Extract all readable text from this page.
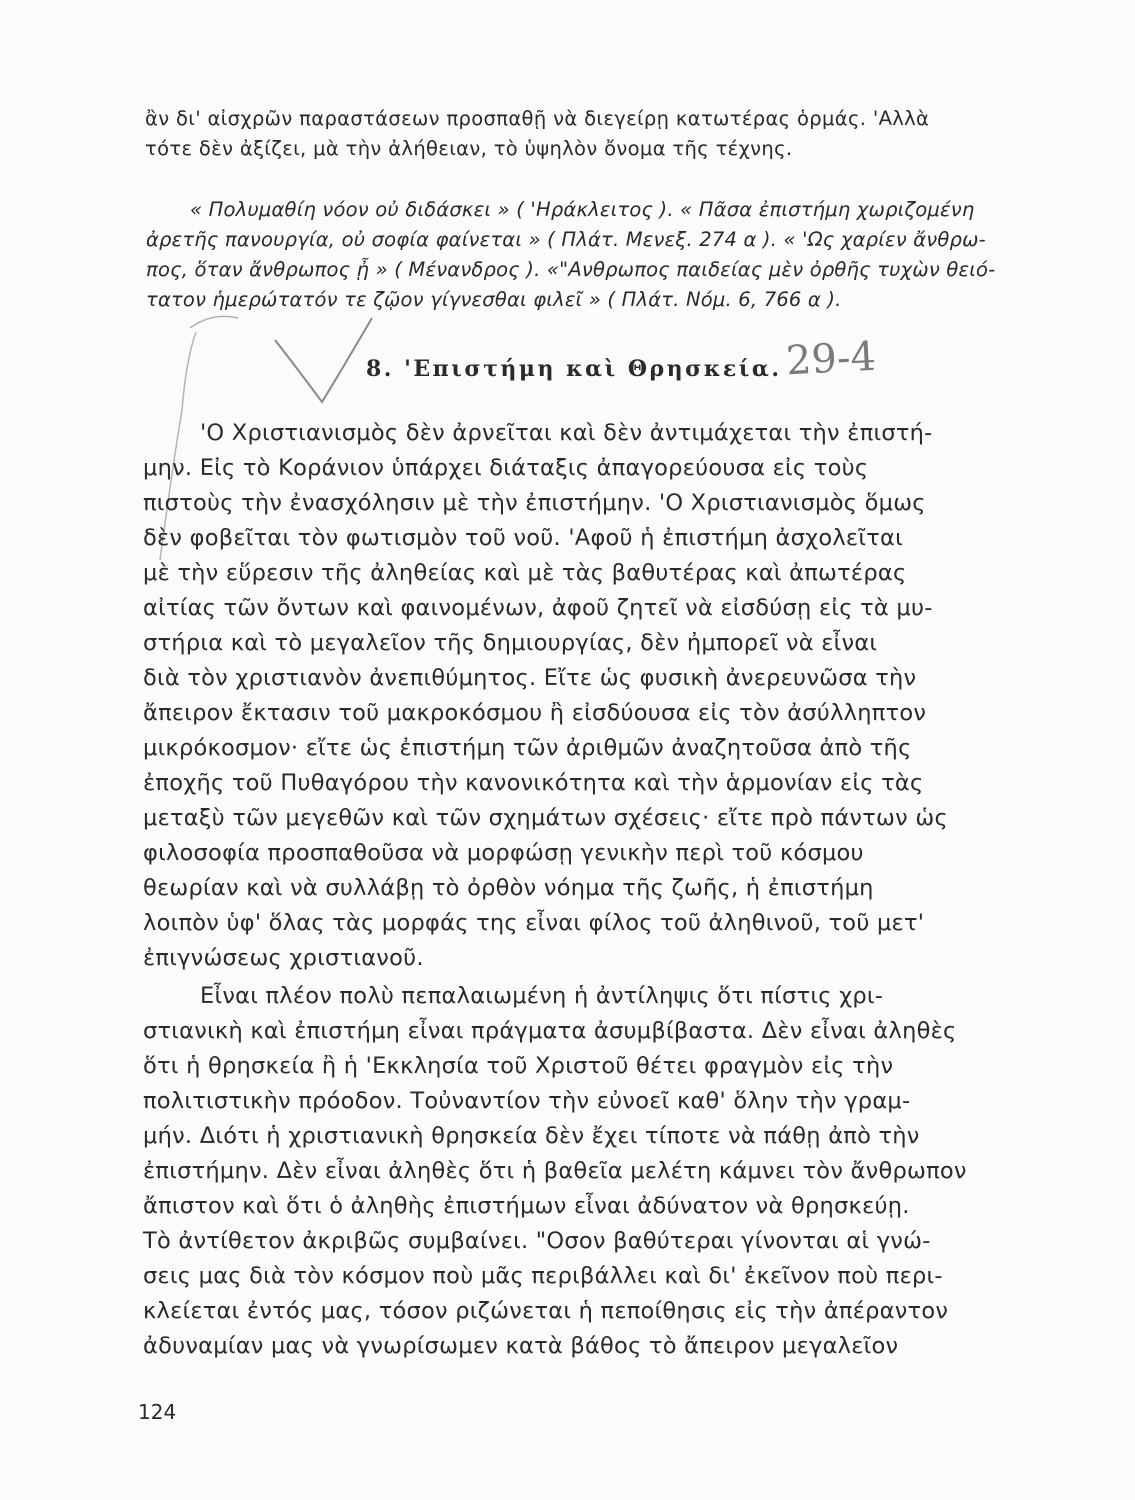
ἂν δι' αἰσχρῶν παραστάσεων προσπαθῇ νὰ διεγείρῃ κατωτέρας ὁρμάς. 'Αλλὰ
τότε δὲν ἀξίζει, μὰ τὴν ἀλήθειαν, τὸ ὑψηλὸν ὄνομα τῆς τέχνης.
« Πολυμαθίη νόον οὐ διδάσκει » ( 'Ηράκλειτος ). « Πᾶσα ἐπιστήμη χωριζομένη
ἀρετῆς πανουργία, οὐ σοφία φαίνεται » ( Πλάτ. Μενεξ. 274 α ). « 'Ως χαρίεν ἄνθρω-
πος, ὅταν ἄνθρωπος ᾖ » ( Μένανδρος ). «"Ανθρωπος παιδείας μὲν ὀρθῆς τυχὼν θειό-
τατον ἡμερώτατόν τε ζῷον γίγνεσθαι φιλεῖ » ( Πλάτ. Νόμ. 6, 766 α ).
8. 'Επιστήμη καὶ Θρησκεία. 29-4
'Ο Χριστιανισμὸς δὲν ἀρνεῖται καὶ δὲν ἀντιμάχεται τὴν ἐπιστή-
μην. Εἰς τὸ Κοράνιον ὑπάρχει διάταξις ἀπαγορεύουσα εἰς τοὺς
πιστοὺς τὴν ἐνασχόλησιν μὲ τὴν ἐπιστήμην. 'Ο Χριστιανισμὸς ὅμως
δὲν φοβεῖται τὸν φωτισμὸν τοῦ νοῦ. 'Αφοῦ ἡ ἐπιστήμη ἀσχολεῖται
μὲ τὴν εὕρεσιν τῆς ἀληθείας καὶ μὲ τὰς βαθυτέρας καὶ ἀπωτέρας
αἰτίας τῶν ὄντων καὶ φαινομένων, ἀφοῦ ζητεῖ νὰ εἰσδύσῃ εἰς τὰ μυ-
στήρια καὶ τὸ μεγαλεῖον τῆς δημιουργίας, δὲν ἠμπορεῖ νὰ εἶναι
διὰ τὸν χριστιανὸν ἀνεπιθύμητος. Εἴτε ὡς φυσικὴ ἀνερευνῶσα τὴν
ἄπειρον ἔκτασιν τοῦ μακροκόσμου ἢ εἰσδύουσα εἰς τὸν ἀσύλληπτον
μικρόκοσμον· εἴτε ὡς ἐπιστήμη τῶν ἀριθμῶν ἀναζητοῦσα ἀπὸ τῆς
ἐποχῆς τοῦ Πυθαγόρου τὴν κανονικότητα καὶ τὴν ἁρμονίαν εἰς τὰς
μεταξὺ τῶν μεγεθῶν καὶ τῶν σχημάτων σχέσεις· εἴτε πρὸ πάντων ὡς
φιλοσοφία προσπαθοῦσα νὰ μορφώσῃ γενικὴν περὶ τοῦ κόσμου
θεωρίαν καὶ νὰ συλλάβῃ τὸ ὀρθὸν νόημα τῆς ζωῆς, ἡ ἐπιστήμη
λοιπὸν ὑφ' ὅλας τὰς μορφάς της εἶναι φίλος τοῦ ἀληθινοῦ, τοῦ μετ'
ἐπιγνώσεως χριστιανοῦ.
Εἶναι πλέον πολὺ πεπαλαιωμένη ἡ ἀντίληψις ὅτι πίστις χρι-
στιανικὴ καὶ ἐπιστήμη εἶναι πράγματα ἀσυμβίβαστα. Δὲν εἶναι ἀληθὲς
ὅτι ἡ θρησκεία ἢ ἡ 'Εκκλησία τοῦ Χριστοῦ θέτει φραγμὸν εἰς τὴν
πολιτιστικὴν πρόοδον. Τοὐναντίον τὴν εὐνοεῖ καθ' ὅλην τὴν γραμ-
μήν. Διότι ἡ χριστιανικὴ θρησκεία δὲν ἔχει τίποτε νὰ πάθῃ ἀπὸ τὴν
ἐπιστήμην. Δὲν εἶναι ἀληθὲς ὅτι ἡ βαθεῖα μελέτη κάμνει τὸν ἄνθρωπον
ἄπιστον καὶ ὅτι ὁ ἀληθὴς ἐπιστήμων εἶναι ἀδύνατον νὰ θρησκεύῃ.
Τὸ ἀντίθετον ἀκριβῶς συμβαίνει. "Οσον βαθύτεραι γίνονται αἱ γνώ-
σεις μας διὰ τὸν κόσμον ποὺ μᾶς περιβάλλει καὶ δι' ἐκεῖνον ποὺ περι-
κλείεται ἐντός μας, τόσον ριζώνεται ἡ πεποίθησις εἰς τὴν ἀπέραντον
ἀδυναμίαν μας νὰ γνωρίσωμεν κατὰ βάθος τὸ ἄπειρον μεγαλεῖον
124
